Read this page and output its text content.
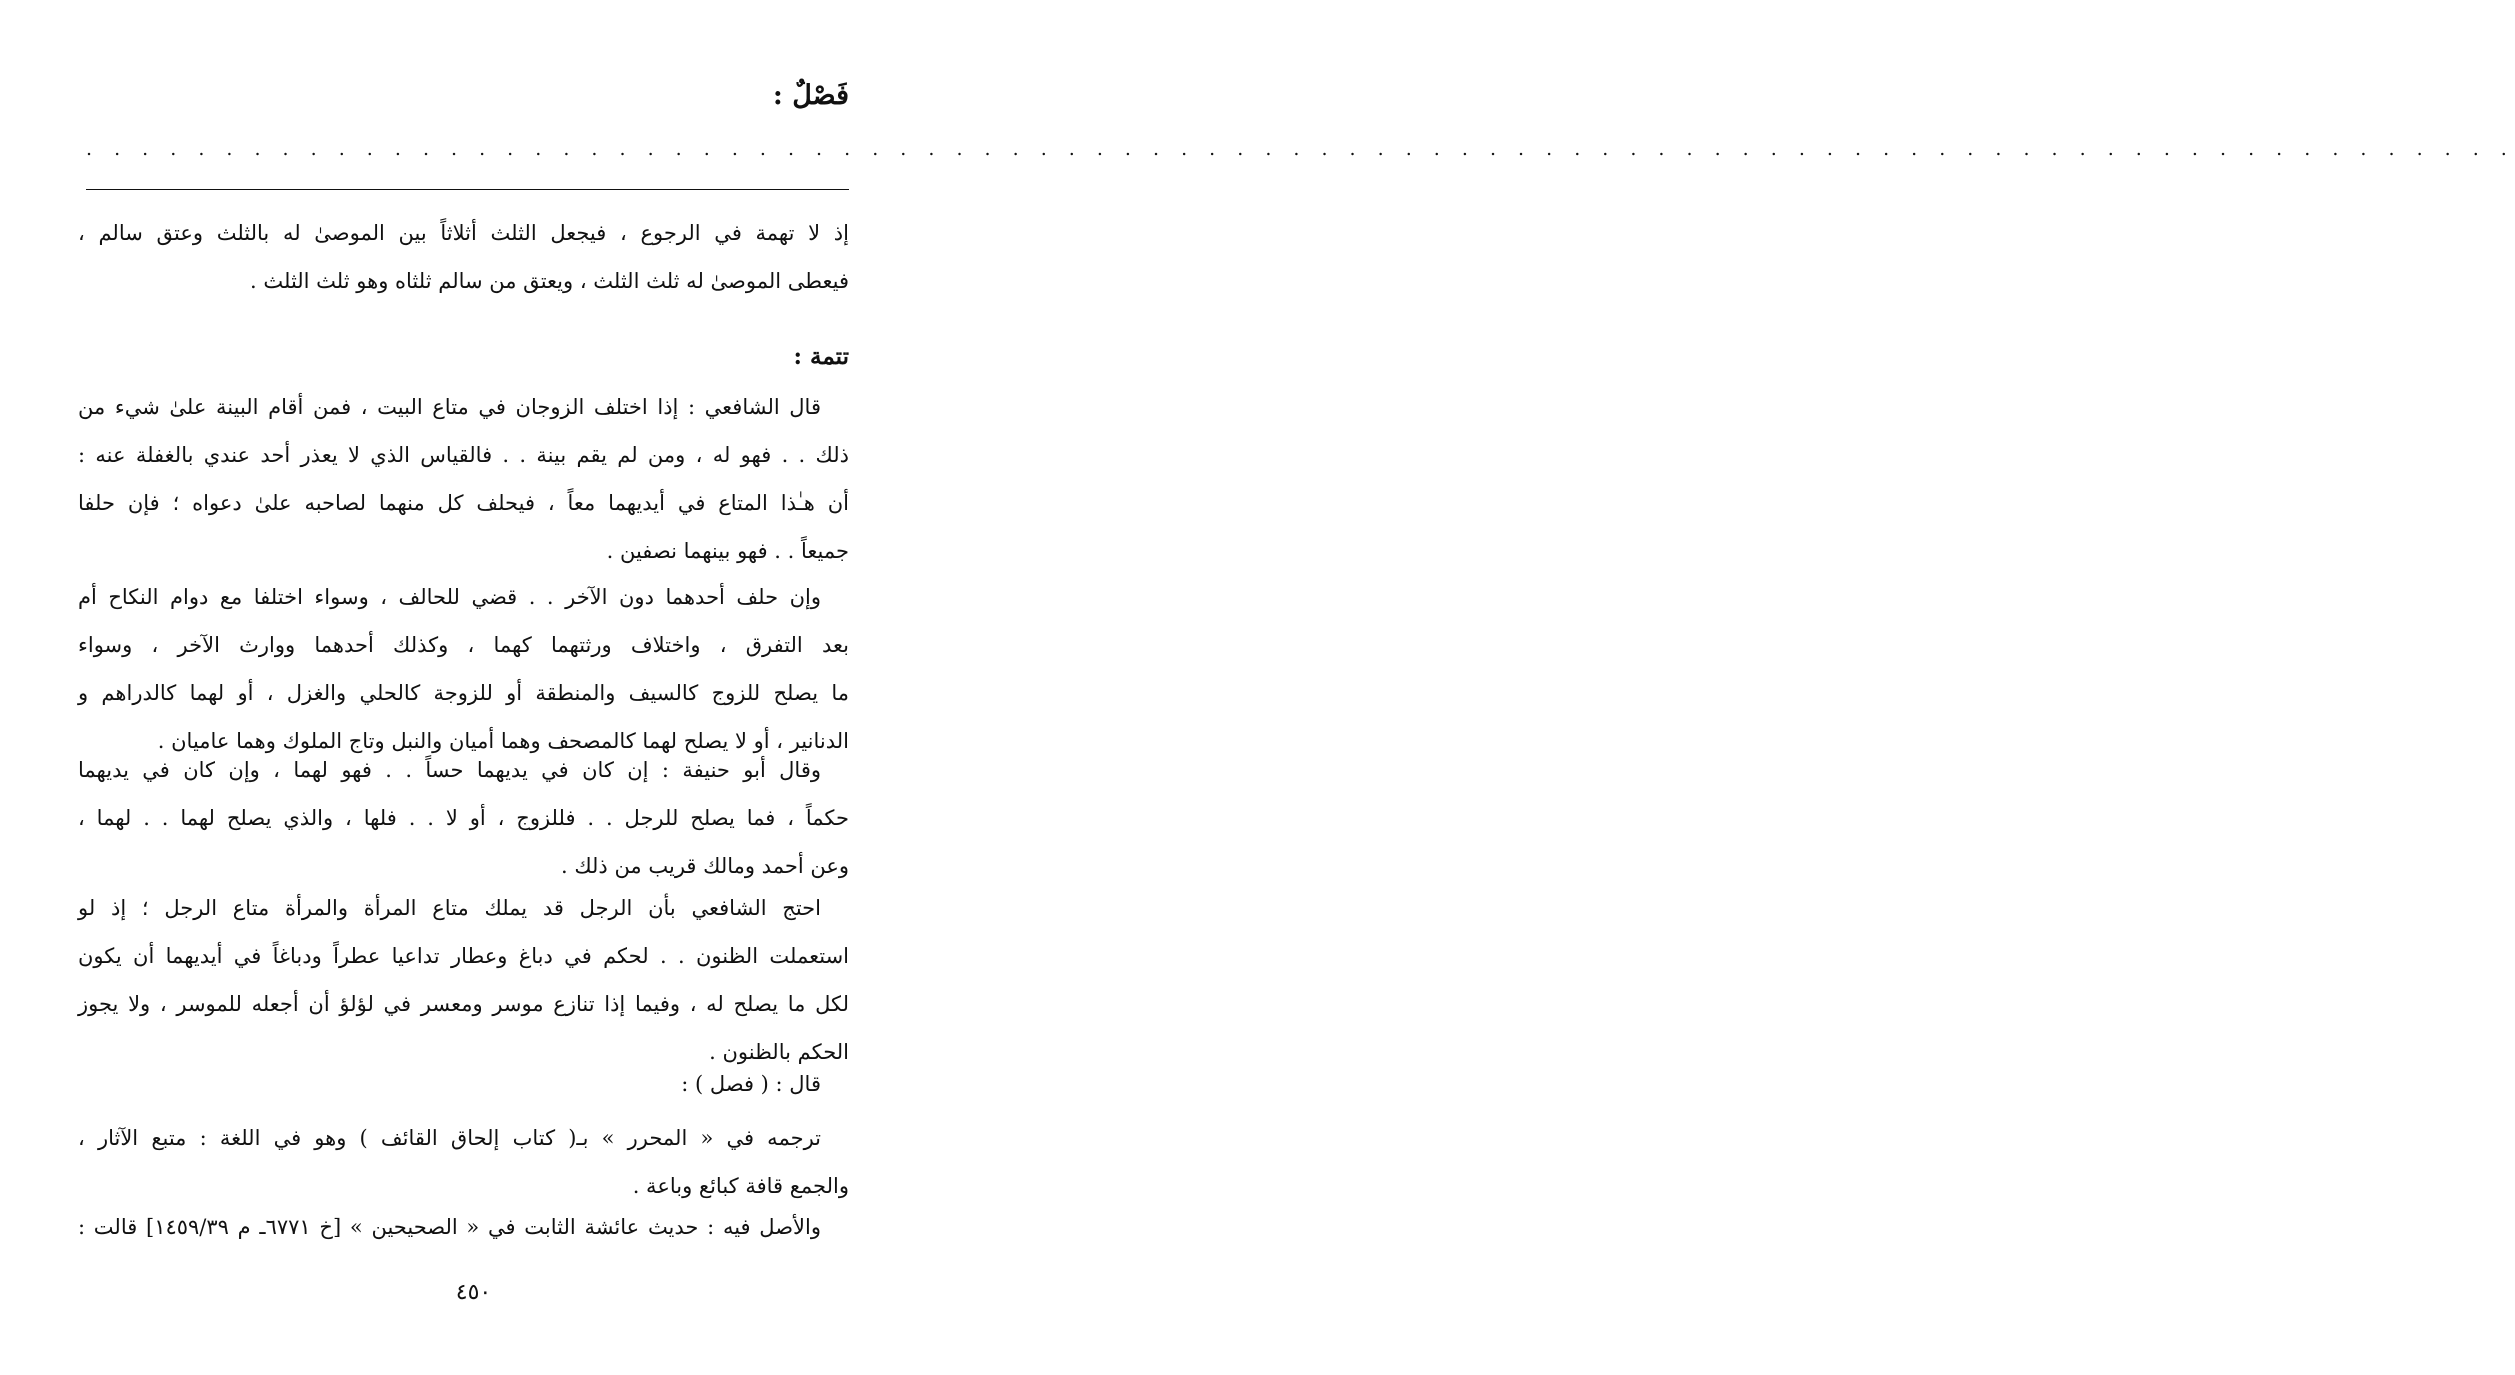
فَصْلٌ :
. . . . . . . . . . . . . . . . . . . . . . . . . . . . . . . . . . . . . . . . . . . . . . . . . . . . . . . . . . . . . . . . . . . . . . . . . . . . . . . . . . . . . . .
إذ لا تهمة في الرجوع ، فيجعل الثلث أثلاثاً بين الموصىٰ له بالثلث وعتق سالم ،
فيعطى الموصىٰ له ثلث الثلث ، ويعتق من سالم ثلثاه وهو ثلث الثلث .
تتمة :
قال الشافعي : إذا اختلف الزوجان في متاع البيت ، فمن أقام البينة علىٰ شيء من
ذلك . . فهو له ، ومن لم يقم بينة . . فالقياس الذي لا يعذر أحد عندي بالغفلة عنه :
أن هـٰذا المتاع في أيديهما معاً ، فيحلف كل منهما لصاحبه علىٰ دعواه ؛ فإن حلفا
جميعاً . . فهو بينهما نصفين .
وإن حلف أحدهما دون الآخر . . قضي للحالف ، وسواء اختلفا مع دوام النكاح أم
بعد التفرق ، واختلاف ورثتهما كهما ، وكذلك أحدهما ووارث الآخر ، وسواء
ما يصلح للزوج كالسيف والمنطقة أو للزوجة كالحلي والغزل ، أو لهما كالدراهم و
الدنانير ، أو لا يصلح لهما كالمصحف وهما أميان والنبل وتاج الملوك وهما عاميان .
وقال أبو حنيفة : إن كان في يديهما حساً . . فهو لهما ، وإن كان في يديهما
حكماً ، فما يصلح للرجل . . فللزوج ، أو لا . . فلها ، والذي يصلح لهما . . لهما ،
وعن أحمد ومالك قريب من ذلك .
احتج الشافعي بأن الرجل قد يملك متاع المرأة والمرأة متاع الرجل ؛ إذ لو
استعملت الظنون . . لحكم في دباغ وعطار تداعيا عطراً ودباغاً في أيديهما أن يكون
لكل ما يصلح له ، وفيما إذا تنازع موسر ومعسر في لؤلؤ أن أجعله للموسر ، ولا يجوز
الحكم بالظنون .
قال : ( فصل ) :
ترجمه في « المحرر » بـ( كتاب إلحاق القائف ) وهو في اللغة : متبع الآثار ،
والجمع قافة كبائع وباعة .
والأصل فيه : حديث عائشة الثابت في « الصحيحين » [خ ٦٧٧١ـ م ١٤٥٩/٣٩] قالت :
٤٥٠
